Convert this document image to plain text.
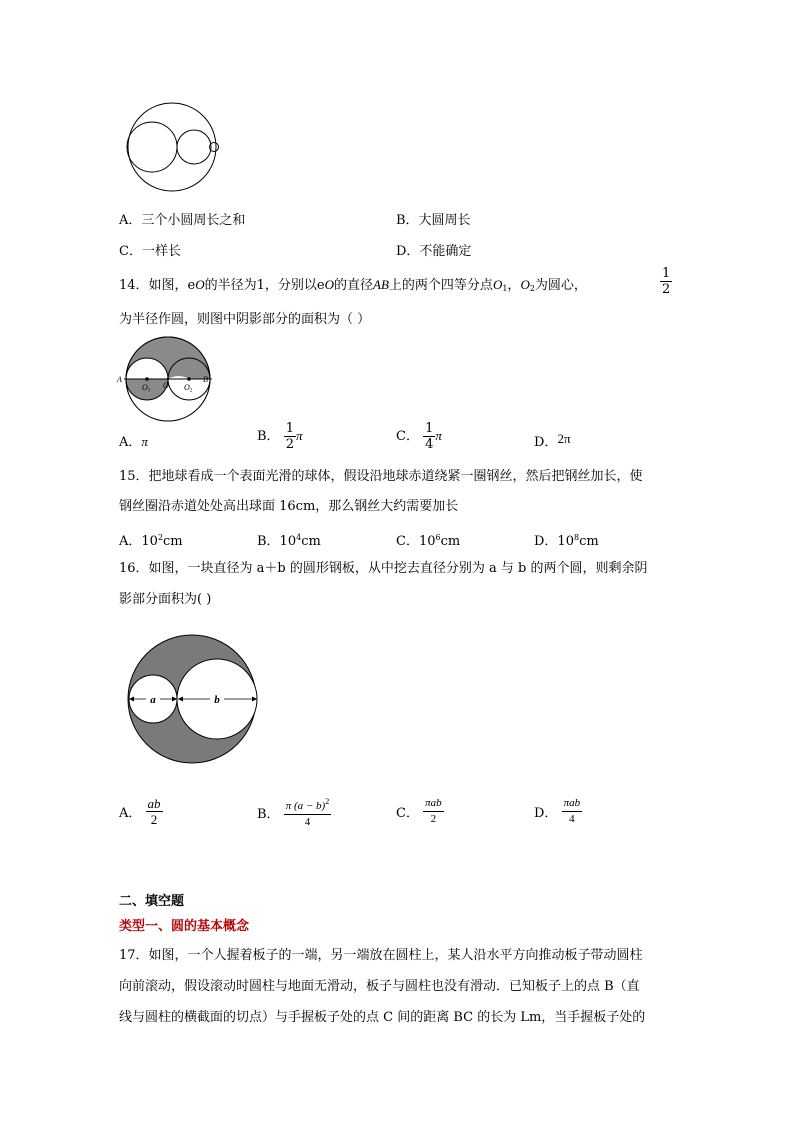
A．三个小圆周长之和	B．大圆周长
C．一样长	D．不能确定
14．如图，eO的半径为1，分别以eO的直径AB上的两个四等分点$O_1$，$O_2$为圆心，	$\frac{1}{2}$
为半径作圆，则图中阴影部分的面积为（ ）
A
O1
O O2
B
A．π	B． $\frac{1}{2}$ π	C． $\frac{1}{4}$ π	2π
D．
15．把地球看成一个表面光滑的球体，假设沿地球赤道绕紧一圈钢丝，然后把钢丝加长，使
钢丝圈沿赤道处处高出球面 16cm，那么钢丝大约需要加长
A．$10^2cm$	B．$10^4cm$	C．$10^6cm$	D．$10^8cm$
16．如图，一块直径为 a＋b 的圆形钢板，从中挖去直径分别为 a 与 b 的两个圆，则剩余阴
影部分面积为( )
a	b
A． $\frac{ab}{2}$	B． $\frac{\pi (a - b)^2}{4}$	C． $\frac{\text{πab}}{2}$	D． $\frac{\text{πab}}{4}$
二、填空题
类型一、圆的基本概念
17．如图，一个人握着板子的一端，另一端放在圆柱上，某人沿水平方向推动板子带动圆柱
向前滚动，假设滚动时圆柱与地面无滑动，板子与圆柱也没有滑动．已知板子上的点 B（直
线与圆柱的横截面的切点）与手握板子处的点 C 间的距离 BC 的长为 Lm，当手握板子处的
